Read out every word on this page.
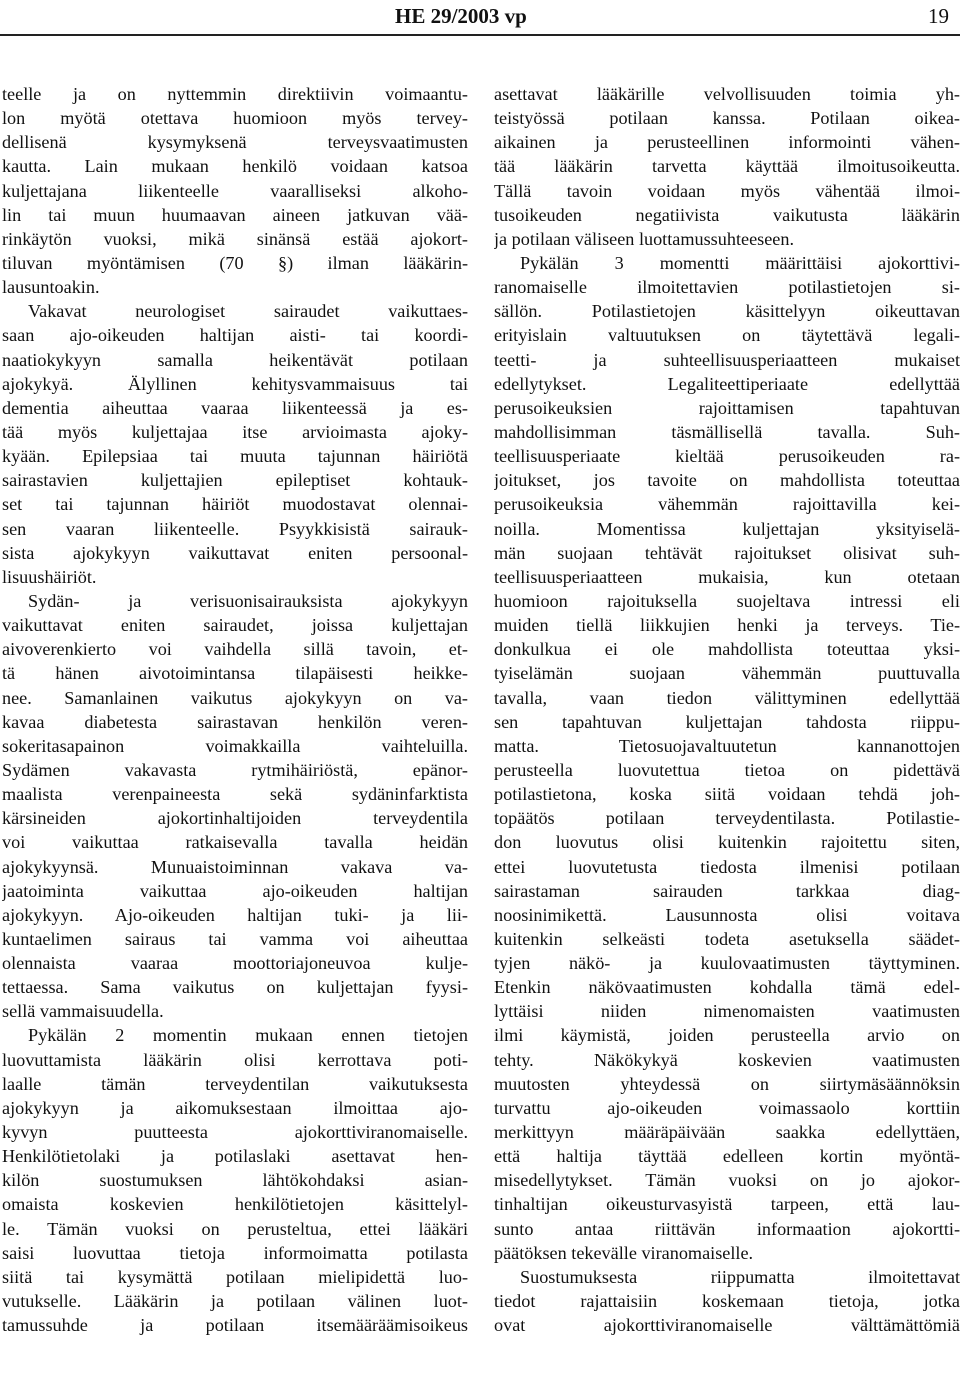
HE 29/2003 vp	19
teelle ja on nyttemmin direktiivin voimaantu-
lon myötä otettava huomioon myös tervey-
dellisenä kysymyksenä terveysvaatimusten
kautta. Lain mukaan henkilö voidaan katsoa
kuljettajana liikenteelle vaaralliseksi alkoho-
lin tai muun huumaavan aineen jatkuvan vää-
rinkäytön vuoksi, mikä sinänsä estää ajokort-
tiluvan myöntämisen (70 §) ilman lääkärin-
lausuntoakin.
Vakavat neurologiset sairaudet vaikuttaes-
saan ajo-oikeuden haltijan aisti- tai koordi-
naatiokykyyn samalla heikentävät potilaan
ajokykyä. Älyllinen kehitysvammaisuus tai
dementia aiheuttaa vaaraa liikenteessä ja es-
tää myös kuljettajaa itse arvioimasta ajoky-
kyään. Epilepsiaa tai muuta tajunnan häiriötä
sairastavien kuljettajien epileptiset kohtauk-
set tai tajunnan häiriöt muodostavat olennai-
sen vaaran liikenteelle. Psyykkisistä sairauk-
sista ajokykyyn vaikuttavat eniten persoonal-
lisuushäiriöt.
Sydän- ja verisuonisairauksista ajokykyyn
vaikuttavat eniten sairaudet, joissa kuljettajan
aivoverenkierto voi vaihdella sillä tavoin, et-
tä hänen aivotoimintansa tilapäisesti heikke-
nee. Samanlainen vaikutus ajokykyyn on va-
kavaa diabetesta sairastavan henkilön veren-
sokeritasapainon voimakkailla vaihteluilla.
Sydämen vakavasta rytmihäiriöstä, epänor-
maalista verenpaineesta sekä sydäninfarktista
kärsineiden ajokortinhaltijoiden terveydentila
voi vaikuttaa ratkaisevalla tavalla heidän
ajokykyynsä. Munuaistoiminnan vakava va-
jaatoiminta vaikuttaa ajo-oikeuden haltijan
ajokykyyn. Ajo-oikeuden haltijan tuki- ja lii-
kuntaelimen sairaus tai vamma voi aiheuttaa
olennaista vaaraa moottoriajoneuvoa kulje-
tettaessa. Sama vaikutus on kuljettajan fyysi-
sellä vammaisuudella.
Pykälän 2 momentin mukaan ennen tietojen
luovuttamista lääkärin olisi kerrottava poti-
laalle tämän terveydentilan vaikutuksesta
ajokykyyn ja aikomuksestaan ilmoittaa ajo-
kyvyn puutteesta ajokorttiviranomaiselle.
Henkilötietolaki ja potilaslaki asettavat hen-
kilön suostumuksen lähtökohdaksi asian-
omaista koskevien henkilötietojen käsittelyl-
le. Tämän vuoksi on perusteltua, ettei lääkäri
saisi luovuttaa tietoja informoimatta potilasta
siitä tai kysymättä potilaan mielipidettä luo-
vutukselle. Lääkärin ja potilaan välinen luot-
tamussuhde ja potilaan itsemääräämisoikeus
asettavat lääkärille velvollisuuden toimia yh-
teistyössä potilaan kanssa. Potilaan oikea-
aikainen ja perusteellinen informointi vähen-
tää lääkärin tarvetta käyttää ilmoitusoikeutta.
Tällä tavoin voidaan myös vähentää ilmoi-
tusoikeuden negatiivista vaikutusta lääkärin
ja potilaan väliseen luottamussuhteeseen.
Pykälän 3 momentti määrittäisi ajokorttivi-
ranomaiselle ilmoitettavien potilastietojen si-
sällön. Potilastietojen käsittelyyn oikeuttavan
erityislain valtuutuksen on täytettävä legali-
teetti- ja suhteellisuusperiaatteen mukaiset
edellytykset. Legaliteettiperiaate edellyttää
perusoikeuksien rajoittamisen tapahtuvan
mahdollisimman täsmällisellä tavalla. Suh-
teellisuusperiaate kieltää perusoikeuden ra-
joitukset, jos tavoite on mahdollista toteuttaa
perusoikeuksia vähemmän rajoittavilla kei-
noilla. Momentissa kuljettajan yksityiselä-
män suojaan tehtävät rajoitukset olisivat suh-
teellisuusperiaatteen mukaisia, kun otetaan
huomioon rajoituksella suojeltava intressi eli
muiden tiellä liikkujien henki ja terveys. Tie-
donkulkua ei ole mahdollista toteuttaa yksi-
tyiselämän suojaan vähemmän puuttuvalla
tavalla, vaan tiedon välittyminen edellyttää
sen tapahtuvan kuljettajan tahdosta riippu-
matta. Tietosuojavaltuutetun kannanottojen
perusteella luovutettua tietoa on pidettävä
potilastietona, koska siitä voidaan tehdä joh-
topäätös potilaan terveydentilasta. Potilastie-
don luovutus olisi kuitenkin rajoitettu siten,
ettei luovutetusta tiedosta ilmenisi potilaan
sairastaman sairauden tarkkaa diag-
noosinimikettä. Lausunnosta olisi voitava
kuitenkin selkeästi todeta asetuksella säädet-
tyjen näkö- ja kuulovaatimusten täyttyminen.
Etenkin näkövaatimusten kohdalla tämä edel-
lyttäisi niiden nimenomaisten vaatimusten
ilmi käymistä, joiden perusteella arvio on
tehty. Näkökykyä koskevien vaatimusten
muutosten yhteydessä on siirtymäsäännöksin
turvattu ajo-oikeuden voimassaolo korttiin
merkittyyn määräpäivään saakka edellyttäen,
että haltija täyttää edelleen kortin myöntä-
misedellytykset. Tämän vuoksi on jo ajokor-
tinhaltijan oikeusturvasyistä tarpeen, että lau-
sunto antaa riittävän informaation ajokortti-
päätöksen tekevälle viranomaiselle.
Suostumuksesta riippumatta ilmoitettavat
tiedot rajattaisiin koskemaan tietoja, jotka
ovat ajokorttiviranomaiselle välttämättömiä
